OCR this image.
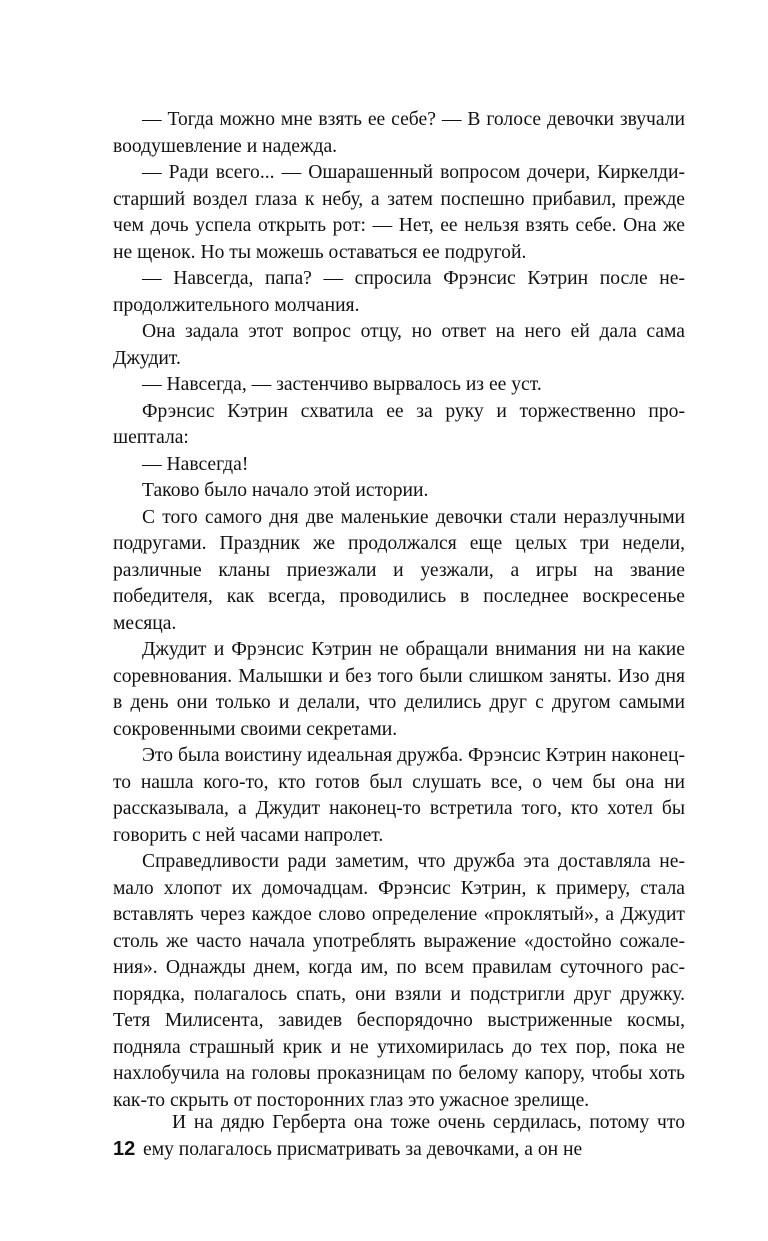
— Тогда можно мне взять ее себе? — В голосе девочки звучали воодушевление и надежда.

— Ради всего... — Ошарашенный вопросом дочери, Киркелди-старший воздел глаза к небу, а затем поспешно прибавил, прежде чем дочь успела открыть рот: — Нет, ее нельзя взять себе. Она же не щенок. Но ты можешь оставаться ее подругой.

— Навсегда, папа? — спросила Фрэнсис Кэтрин после непродолжительного молчания.

Она задала этот вопрос отцу, но ответ на него ей дала сама Джудит.

— Навсегда, — застенчиво вырвалось из ее уст.

Фрэнсис Кэтрин схватила ее за руку и торжественно прошептала:

— Навсегда!

Таково было начало этой истории.

С того самого дня две маленькие девочки стали неразлучными подругами. Праздник же продолжался еще целых три недели, различные кланы приезжали и уезжали, а игры на звание победителя, как всегда, проводились в последнее воскресенье месяца.

Джудит и Фрэнсис Кэтрин не обращали внимания ни на какие соревнования. Малышки и без того были слишком заняты. Изо дня в день они только и делали, что делились друг с другом самыми сокровенными своими секретами.

Это была воистину идеальная дружба. Фрэнсис Кэтрин наконец-то нашла кого-то, кто готов был слушать все, о чем бы она ни рассказывала, а Джудит наконец-то встретила того, кто хотел бы говорить с ней часами напролет.

Справедливости ради заметим, что дружба эта доставляла немало хлопот их домочадцам. Фрэнсис Кэтрин, к примеру, стала вставлять через каждое слово определение «проклятый», а Джудит столь же часто начала употреблять выражение «достойно сожаления». Однажды днем, когда им, по всем правилам суточного распорядка, полагалось спать, они взяли и подстригли друг дружку. Тетя Милисента, завидев беспорядочно выстриженные космы, подняла страшный крик и не утихомирилась до тех пор, пока не нахлобучила на головы проказницам по белому капору, чтобы хоть как-то скрыть от посторонних глаз это ужасное зрелище.

И на дядю Герберта она тоже очень сердилась, потому что ему полагалось присматривать за девочками, а он не

12
